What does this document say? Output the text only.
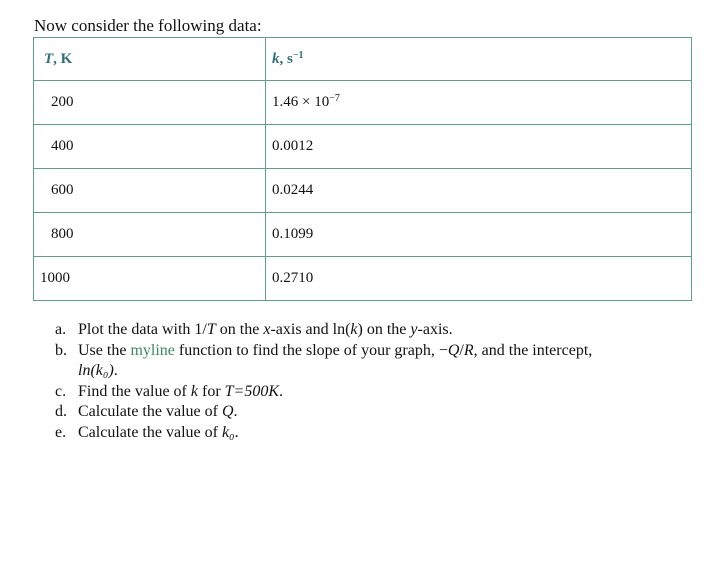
Now consider the following data:
T, K	k, $s^{-1}$
200	$1.46 \times 10^{-7}$
400	0.0012
600	0.0244
800	0.1099
1000	0.2710
a. Plot the data with 1/T on the x-axis and ln(k) on the y-axis.
b. Use the myline function to find the slope of your graph, −Q/R, and the intercept, ln(k₀).
c. Find the value of k for T=500K.
d. Calculate the value of Q.
e. Calculate the value of k₀.
